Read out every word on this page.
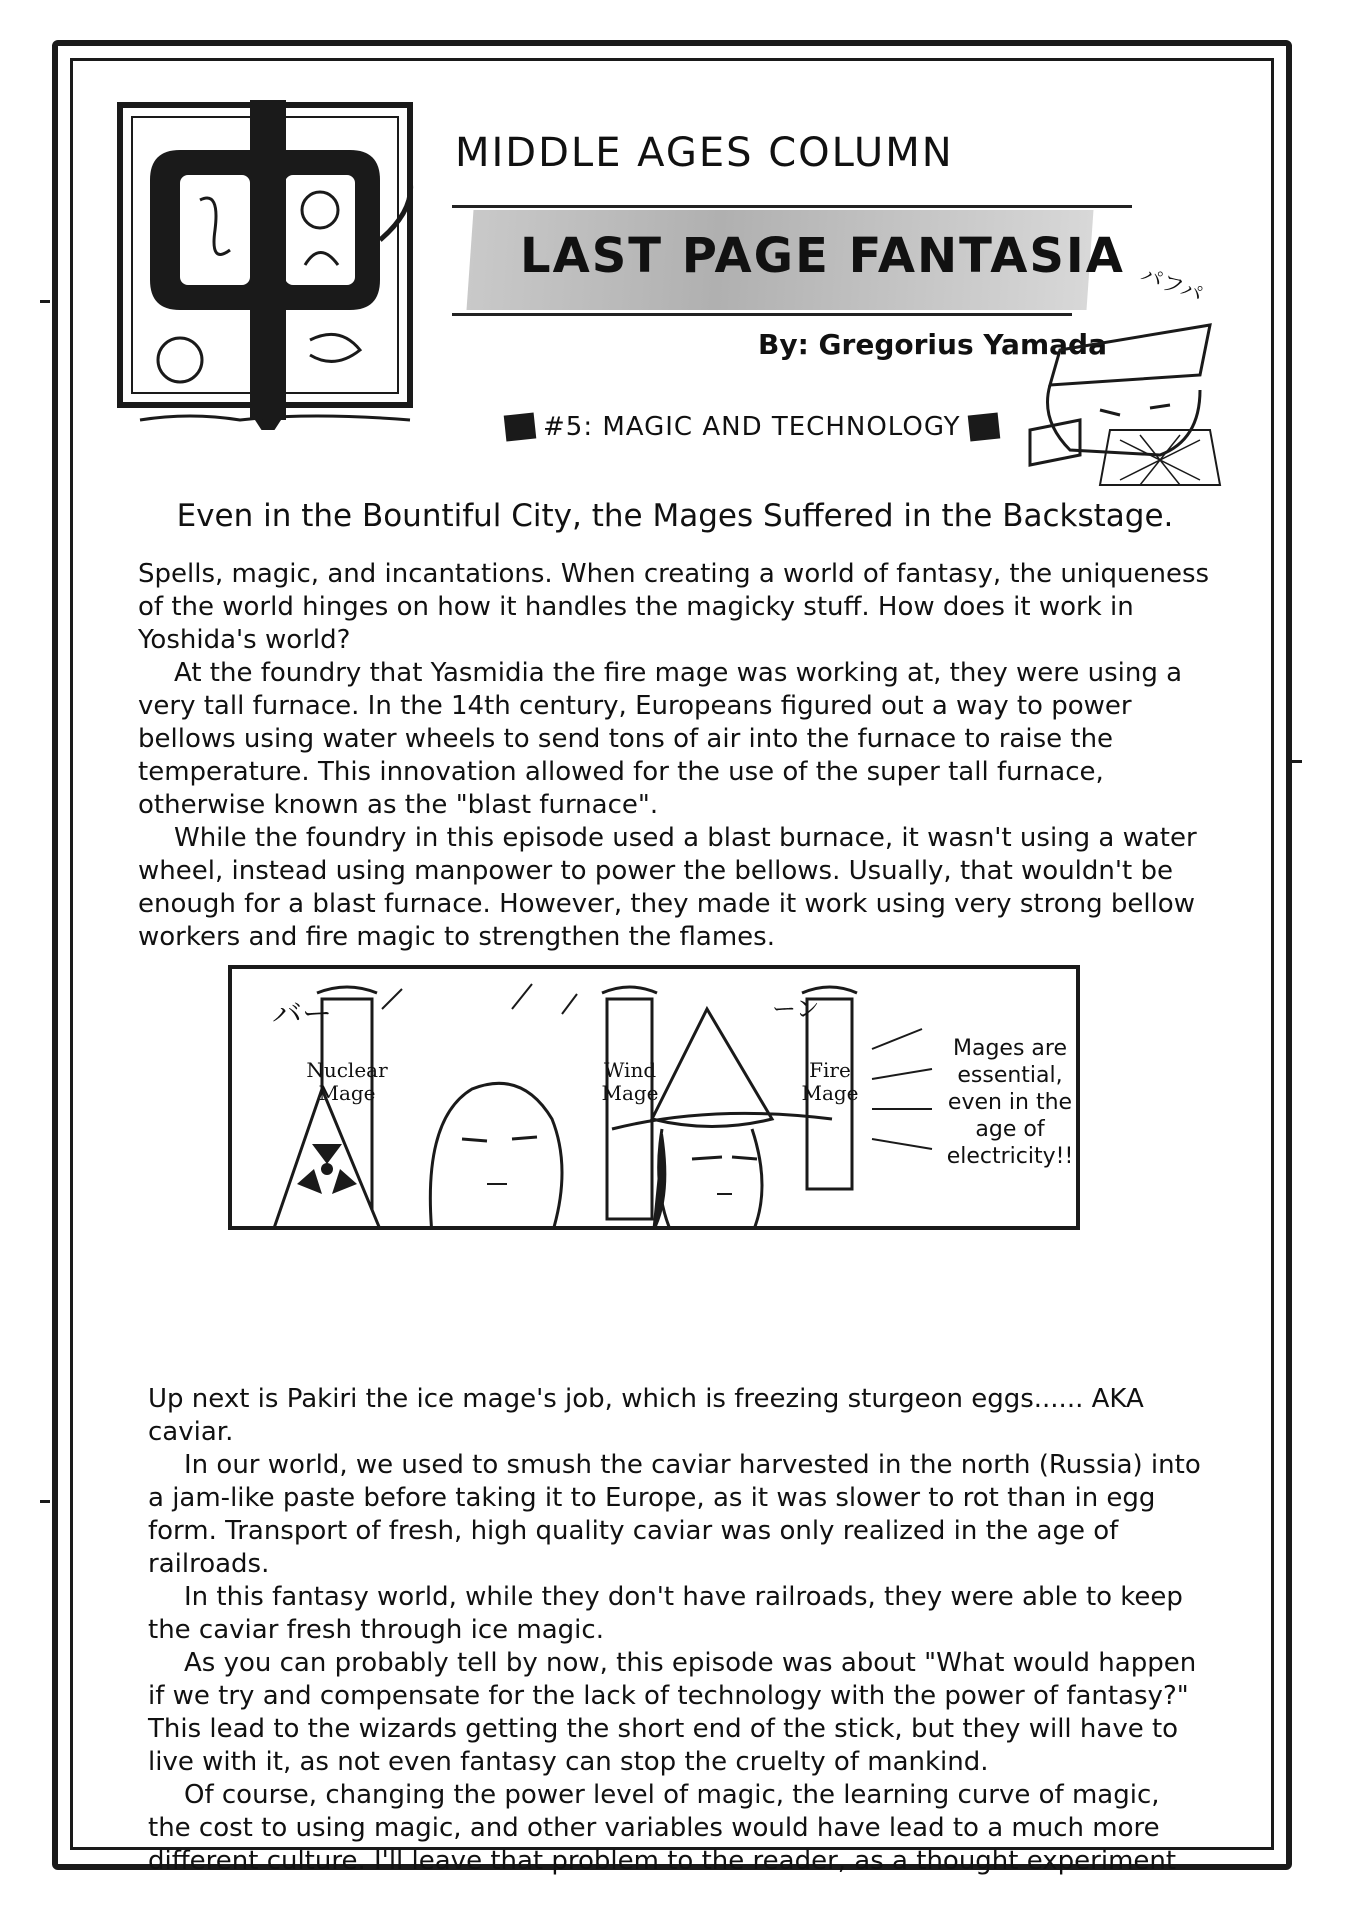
MIDDLE AGES COLUMN
LAST PAGE FANTASIA
By: Gregorius Yamada
#5: MAGIC AND TECHNOLOGY
パフパ
Even in the Bountiful City, the Mages Suffered in the Backstage.

Spells, magic, and incantations. When creating a world of fantasy, the uniqueness of the world hinges on how it handles the magicky stuff. How does it work in Yoshida's world?

At the foundry that Yasmidia the fire mage was working at, they were using a very tall furnace. In the 14th century, Europeans figured out a way to power bellows using water wheels to send tons of air into the furnace to raise the temperature. This innovation allowed for the use of the super tall furnace, otherwise known as the "blast furnace".

While the foundry in this episode used a blast burnace, it wasn't using a water wheel, instead using manpower to power the bellows. Usually, that wouldn't be enough for a blast furnace. However, they made it work using very strong bellow workers and fire magic to strengthen the flames.

Nuclear
Mage
Wind
Mage
Fire
Mage
バー	ーン
Mages are essential, even in the age of electricity!!

Up next is Pakiri the ice mage's job, which is freezing sturgeon eggs...... AKA caviar.

In our world, we used to smush the caviar harvested in the north (Russia) into a jam-like paste before taking it to Europe, as it was slower to rot than in egg form. Transport of fresh, high quality caviar was only realized in the age of railroads.

In this fantasy world, while they don't have railroads, they were able to keep the caviar fresh through ice magic.

As you can probably tell by now, this episode was about "What would happen if we try and compensate for the lack of technology with the power of fantasy?" This lead to the wizards getting the short end of the stick, but they will have to live with it, as not even fantasy can stop the cruelty of mankind.

Of course, changing the power level of magic, the learning curve of magic, the cost to using magic, and other variables would have lead to a much more different culture. I'll leave that problem to the reader, as a thought experiment
